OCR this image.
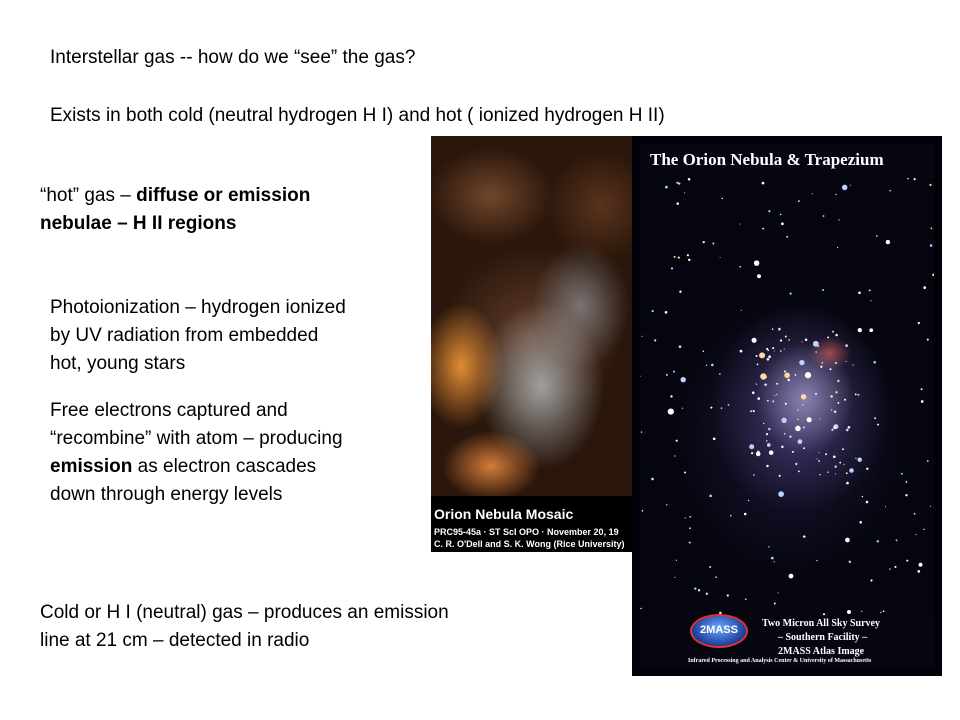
Interstellar gas -- how do we “see” the gas?
Exists in both cold (neutral hydrogen H I) and hot ( ionized hydrogen H II)
“hot” gas – diffuse or emission
nebulae – H II regions
Photoionization – hydrogen ionized
by UV radiation from embedded
hot, young stars
Free electrons captured and
“recombine” with atom – producing
emission as electron cascades
down through energy levels
Cold or H I (neutral) gas – produces an emission
line at 21 cm – detected in radio
Orion Nebula Mosaic
PRC95-45a · ST ScI OPO · November 20, 19
C. R. O'Dell and S. K. Wong (Rice University)
The Orion Nebula & Trapezium
2MASS
Two Micron All Sky Survey
– Southern Facility –
2MASS Atlas Image
Infrared Processing and Analysis Center & University of Massachusetts
